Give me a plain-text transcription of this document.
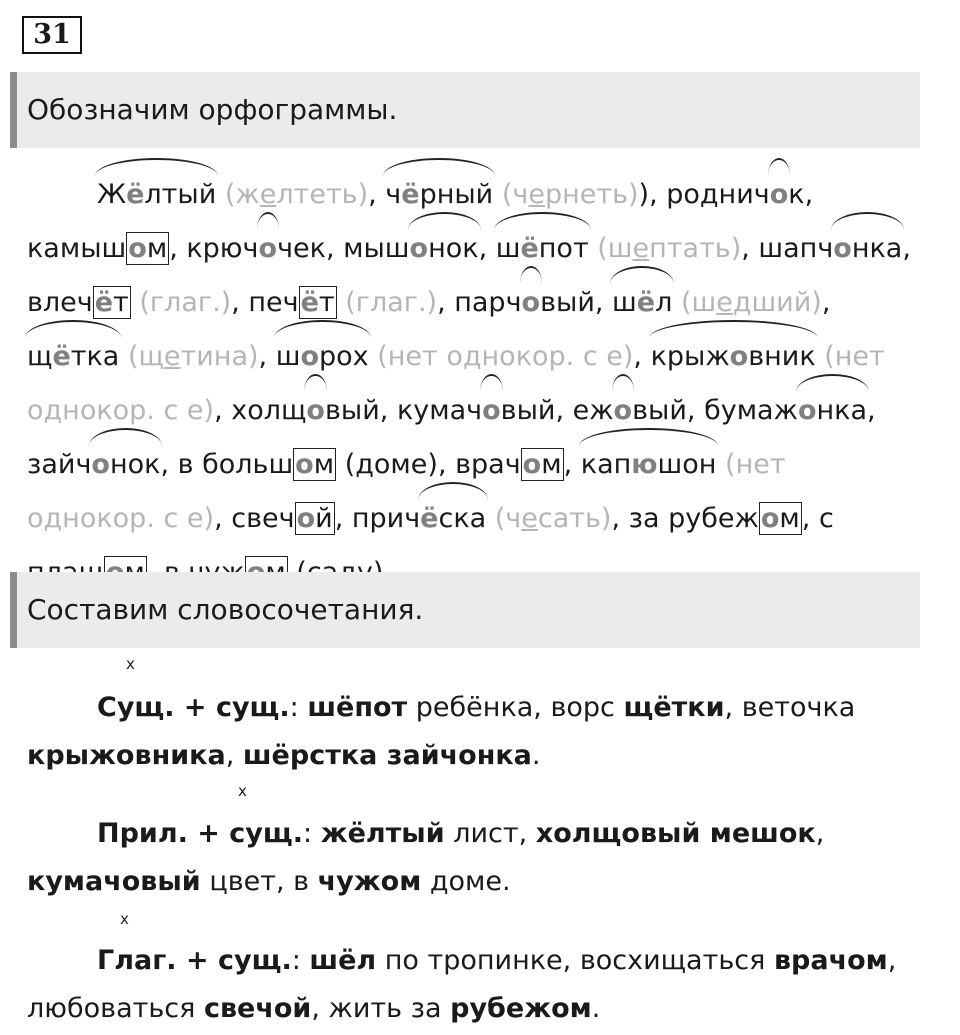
31
Обозначим орфограммы.
Жёлтый (желтеть), чёрный (чернеть)), родничок, камышом, крючочек, мышонок, шёпот (шептать), шапчонка, влечёт (глаг.), печёт (глаг.), парчовый, шёл (шедший), щётка (щетина), шорох (нет однокор. с е), крыжовник (нет однокор. с е), холщовый, кумачовый, ежовый, бумажонка, зайчонок, в большом (доме), врачом, капюшон (нет однокор. с е), свечой, причёска (чесать), за рубежом, с
Составим словосочетания.
x
Сущ. + сущ.: шёпот ребёнка, ворс щётки, веточка крыжовника, шёрстка зайчонка.
x
Прил. + сущ.: жёлтый лист, холщовый мешок, кумачовый цвет, в чужом доме.
x
Глаг. + сущ.: шёл по тропинке, восхищаться врачом, любоваться свечой, жить за рубежом.
